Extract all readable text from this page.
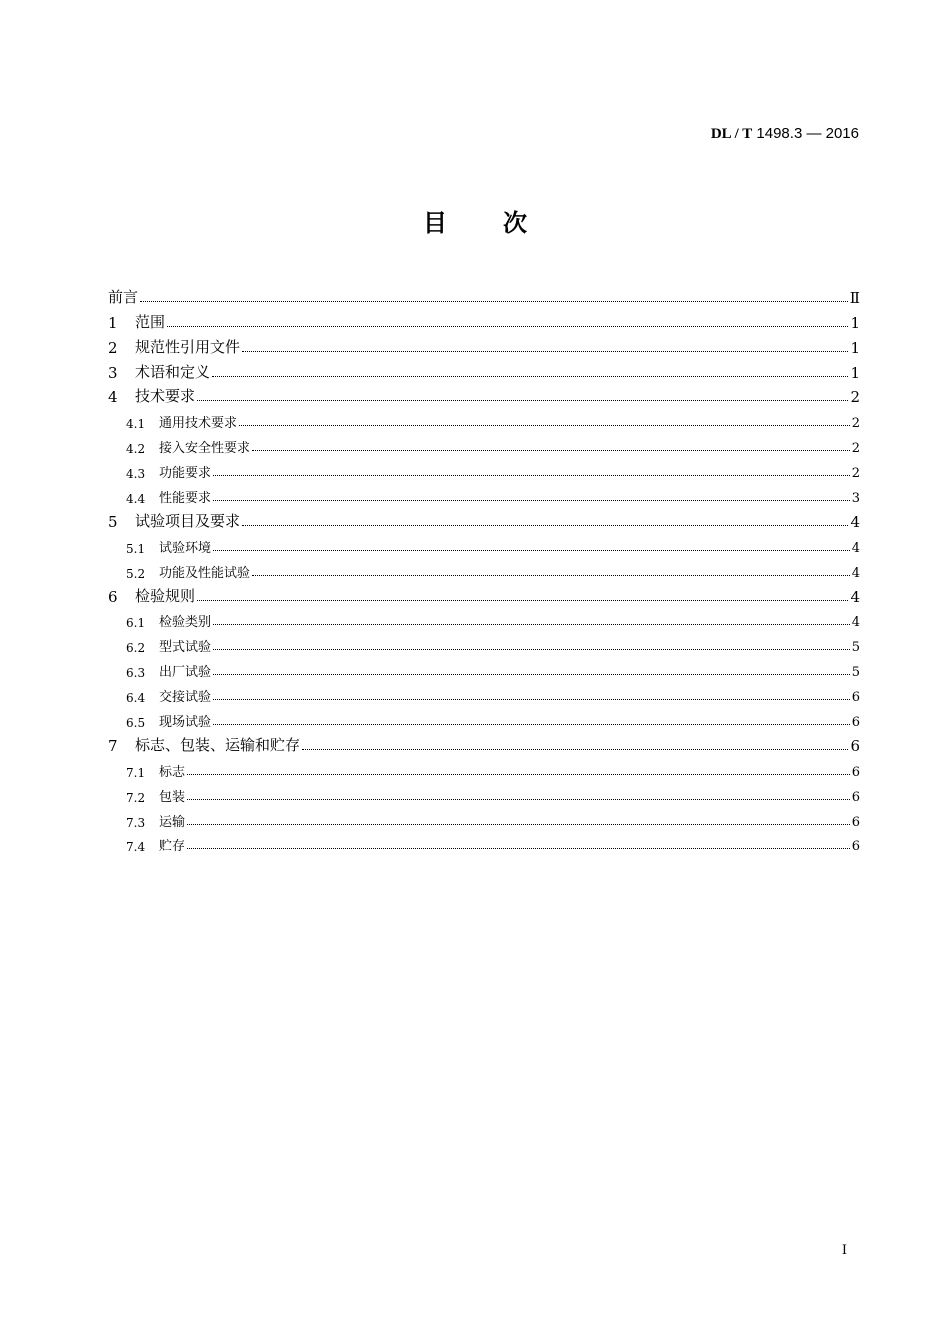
DL / T 1498.3 — 2016
目次
前言	Ⅱ
1	范围	1
2	规范性引用文件	1
3	术语和定义	1
4	技术要求	2
4.1	通用技术要求	2
4.2	接入安全性要求	2
4.3	功能要求	2
4.4	性能要求	3
5	试验项目及要求	4
5.1	试验环境	4
5.2	功能及性能试验	4
6	检验规则	4
6.1	检验类别	4
6.2	型式试验	5
6.3	出厂试验	5
6.4	交接试验	6
6.5	现场试验	6
7	标志、包装、运输和贮存	6
7.1	标志	6
7.2	包装	6
7.3	运输	6
7.4	贮存	6
I
